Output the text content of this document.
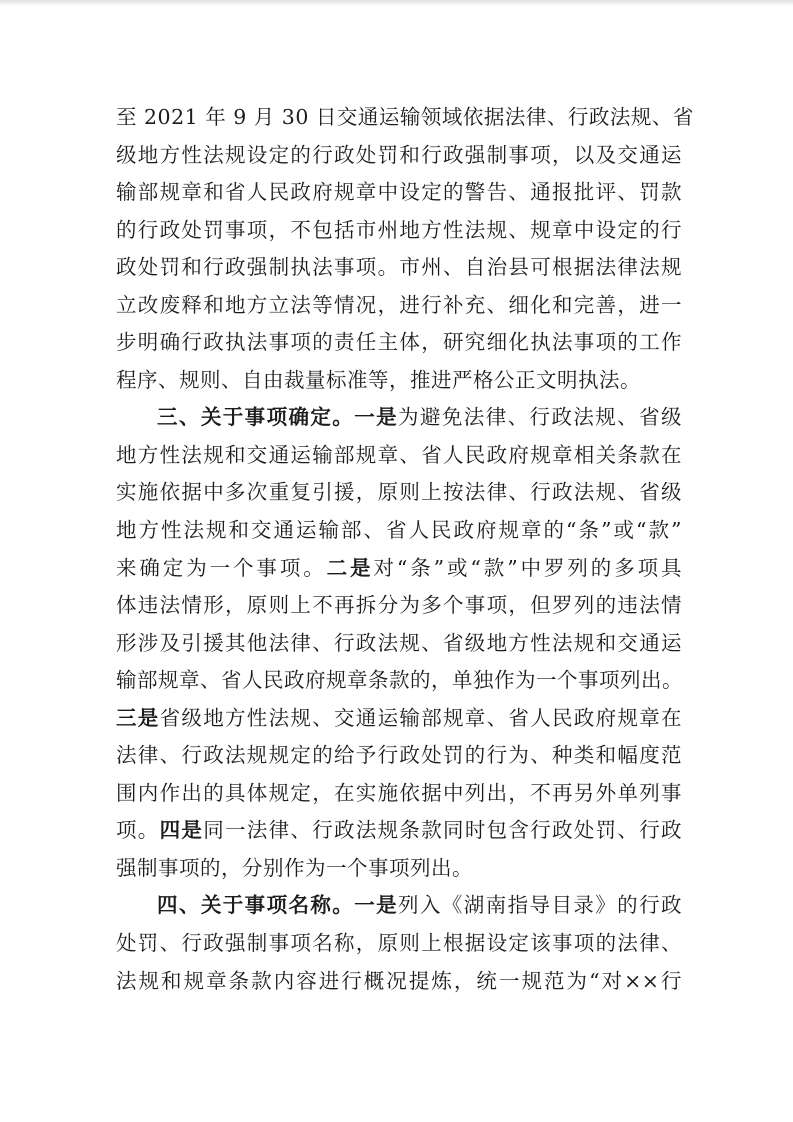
至 2021 年 9 月 30 日交通运输领域依据法律、行政法规、省
级地方性法规设定的行政处罚和行政强制事项，以及交通运
输部规章和省人民政府规章中设定的警告、通报批评、罚款
的行政处罚事项，不包括市州地方性法规、规章中设定的行
政处罚和行政强制执法事项。市州、自治县可根据法律法规
立改废释和地方立法等情况，进行补充、细化和完善，进一
步明确行政执法事项的责任主体，研究细化执法事项的工作
程序、规则、自由裁量标准等，推进严格公正文明执法。
三、关于事项确定。一是为避免法律、行政法规、省级
地方性法规和交通运输部规章、省人民政府规章相关条款在
实施依据中多次重复引援，原则上按法律、行政法规、省级
地方性法规和交通运输部、省人民政府规章的“条”或“款”
来确定为一个事项。二是对“条”或“款”中罗列的多项具
体违法情形，原则上不再拆分为多个事项，但罗列的违法情
形涉及引援其他法律、行政法规、省级地方性法规和交通运
输部规章、省人民政府规章条款的，单独作为一个事项列出。
三是省级地方性法规、交通运输部规章、省人民政府规章在
法律、行政法规规定的给予行政处罚的行为、种类和幅度范
围内作出的具体规定，在实施依据中列出，不再另外单列事
项。四是同一法律、行政法规条款同时包含行政处罚、行政
强制事项的，分别作为一个事项列出。
四、关于事项名称。一是列入《湖南指导目录》的行政
处罚、行政强制事项名称，原则上根据设定该事项的法律、
法规和规章条款内容进行概况提炼，统一规范为“对××行
